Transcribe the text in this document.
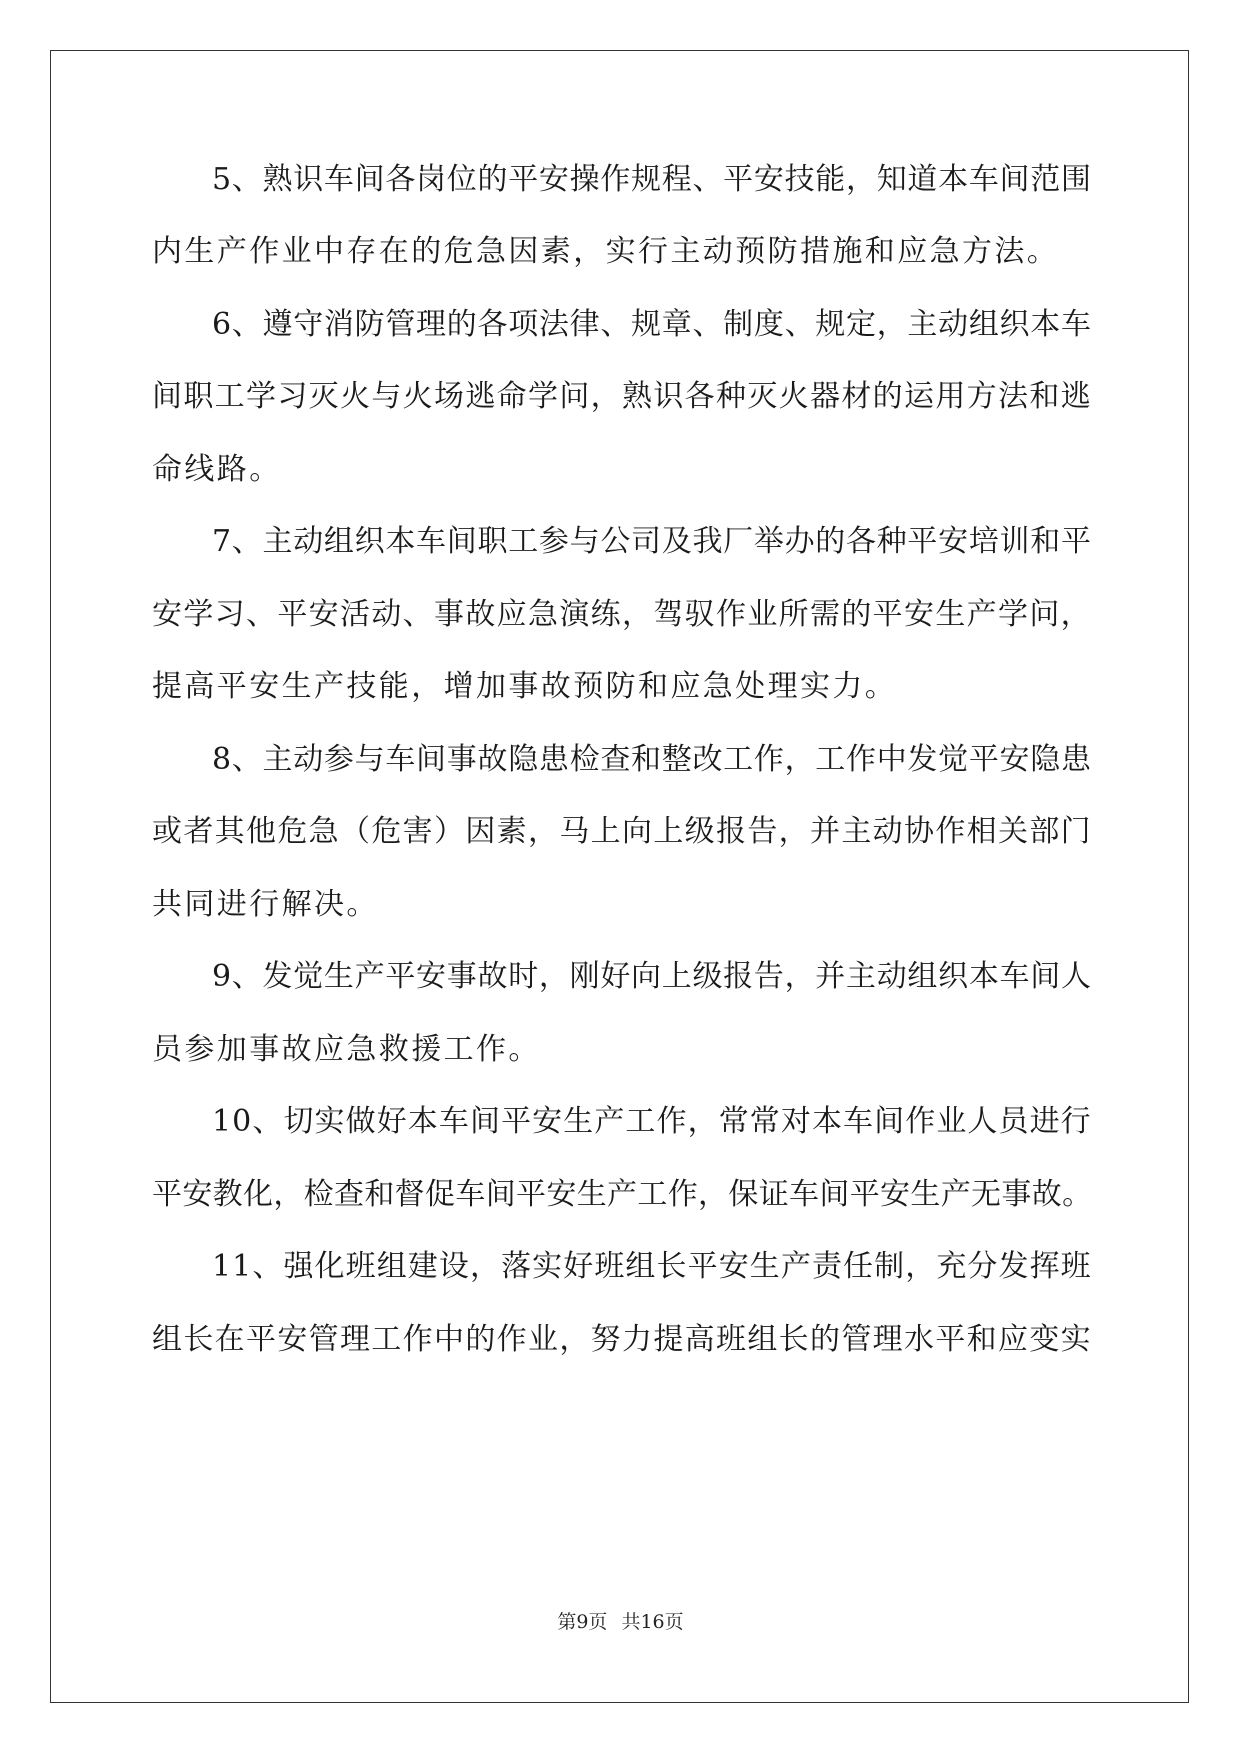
5、熟识车间各岗位的平安操作规程、平安技能，知道本车间范围
内生产作业中存在的危急因素，实行主动预防措施和应急方法。
6、遵守消防管理的各项法律、规章、制度、规定，主动组织本车
间职工学习灭火与火场逃命学问，熟识各种灭火器材的运用方法和逃
命线路。
7、主动组织本车间职工参与公司及我厂举办的各种平安培训和平
安学习、平安活动、事故应急演练，驾驭作业所需的平安生产学问，
提高平安生产技能，增加事故预防和应急处理实力。
8、主动参与车间事故隐患检查和整改工作，工作中发觉平安隐患
或者其他危急（危害）因素，马上向上级报告，并主动协作相关部门
共同进行解决。
9、发觉生产平安事故时，刚好向上级报告，并主动组织本车间人
员参加事故应急救援工作。
10、切实做好本车间平安生产工作，常常对本车间作业人员进行
平安教化，检查和督促车间平安生产工作，保证车间平安生产无事故。
11、强化班组建设，落实好班组长平安生产责任制，充分发挥班
组长在平安管理工作中的作业，努力提高班组长的管理水平和应变实
第9页 共16页
